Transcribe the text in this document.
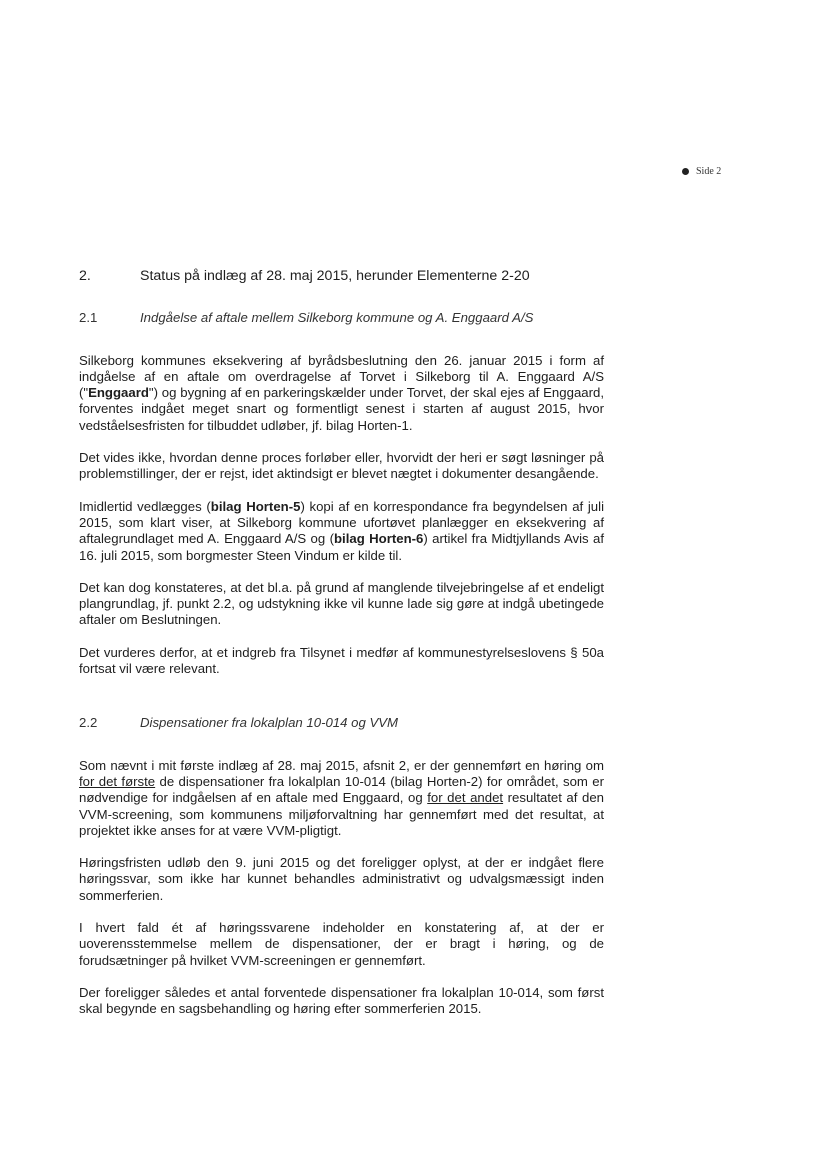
Side 2
2.	Status på indlæg af 28. maj 2015, herunder Elementerne 2-20
2.1	Indgåelse af aftale mellem Silkeborg kommune og A. Enggaard A/S

Silkeborg kommunes eksekvering af byrådsbeslutning den 26. januar 2015 i form af indgåelse af en aftale om overdragelse af Torvet i Silkeborg til A. Enggaard A/S ("Enggaard") og bygning af en parkeringskælder under Torvet, der skal ejes af Enggaard, forventes indgået meget snart og formentligt senest i starten af august 2015, hvor vedståelsesfristen for tilbuddet udløber, jf. bilag Horten-1.

Det vides ikke, hvordan denne proces forløber eller, hvorvidt der heri er søgt løsninger på problemstillinger, der er rejst, idet aktindsigt er blevet nægtet i dokumenter desangående.

Imidlertid vedlægges (bilag Horten-5) kopi af en korrespondance fra begyndelsen af juli 2015, som klart viser, at Silkeborg kommune ufortøvet planlægger en eksekvering af aftalegrundlaget med A. Enggaard A/S og (bilag Horten-6) artikel fra Midtjyllands Avis af 16. juli 2015, som borgmester Steen Vindum er kilde til.

Det kan dog konstateres, at det bl.a. på grund af manglende tilvejebringelse af et endeligt plangrundlag, jf. punkt 2.2, og udstykning ikke vil kunne lade sig gøre at indgå ubetingede aftaler om Beslutningen.

Det vurderes derfor, at et indgreb fra Tilsynet i medfør af kommunestyrelseslovens § 50a fortsat vil være relevant.

2.2	Dispensationer fra lokalplan 10-014 og VVM

Som nævnt i mit første indlæg af 28. maj 2015, afsnit 2, er der gennemført en høring om for det første de dispensationer fra lokalplan 10-014 (bilag Horten-2) for området, som er nødvendige for indgåelsen af en aftale med Enggaard, og for det andet resultatet af den VVM-screening, som kommunens miljøforvaltning har gennemført med det resultat, at projektet ikke anses for at være VVM-pligtigt.

Høringsfristen udløb den 9. juni 2015 og det foreligger oplyst, at der er indgået flere høringssvar, som ikke har kunnet behandles administrativt og udvalgsmæssigt inden sommerferien.

I hvert fald ét af høringssvarene indeholder en konstatering af, at der er uoverensstemmelse mellem de dispensationer, der er bragt i høring, og de forudsætninger på hvilket VVM-screeningen er gennemført.

Der foreligger således et antal forventede dispensationer fra lokalplan 10-014, som først skal begynde en sagsbehandling og høring efter sommerferien 2015.
